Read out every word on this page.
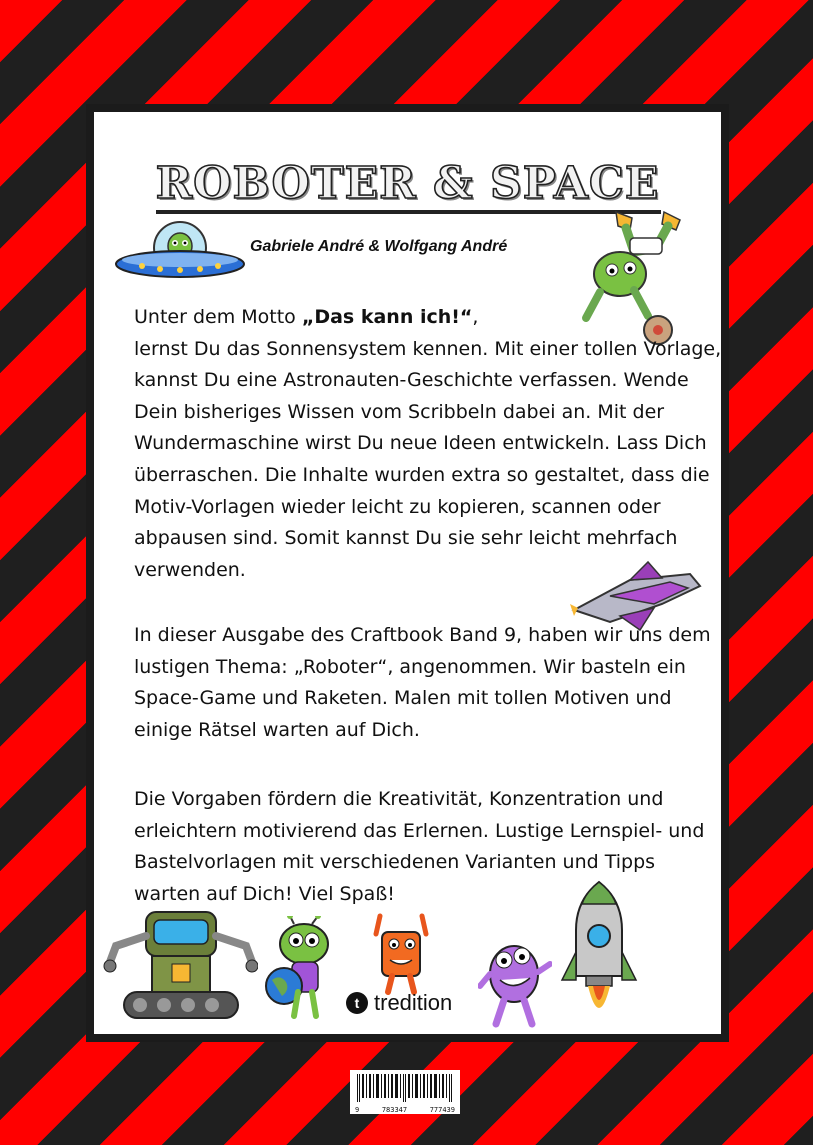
ROBOTER & SPACE
Gabriele André & Wolfgang André

Unter dem Motto „Das kann ich!“,
lernst Du das Sonnensystem kennen. Mit einer tollen Vorlage, kannst Du eine Astronauten-Geschichte verfassen. Wende Dein bisheriges Wissen vom Scribbeln dabei an. Mit der Wundermaschine wirst Du neue Ideen entwickeln. Lass Dich überraschen. Die Inhalte wurden extra so gestaltet, dass die Motiv-Vorlagen wieder leicht zu kopieren, scannen oder abpausen sind. Somit kannst Du sie sehr leicht mehrfach verwenden.

In dieser Ausgabe des Craftbook Band 9, haben wir uns dem lustigen Thema: „Roboter“, angenommen. Wir basteln ein Space-Game und Raketen. Malen mit tollen Motiven und einige Rätsel warten auf Dich.

Die Vorgaben fördern die Kreativität, Konzentration und erleichtern motivierend das Erlernen. Lustige Lernspiel- und Bastelvorlagen mit verschiedenen Varianten und Tipps warten auf Dich! Viel Spaß!

t tredition
9	783347	777439
